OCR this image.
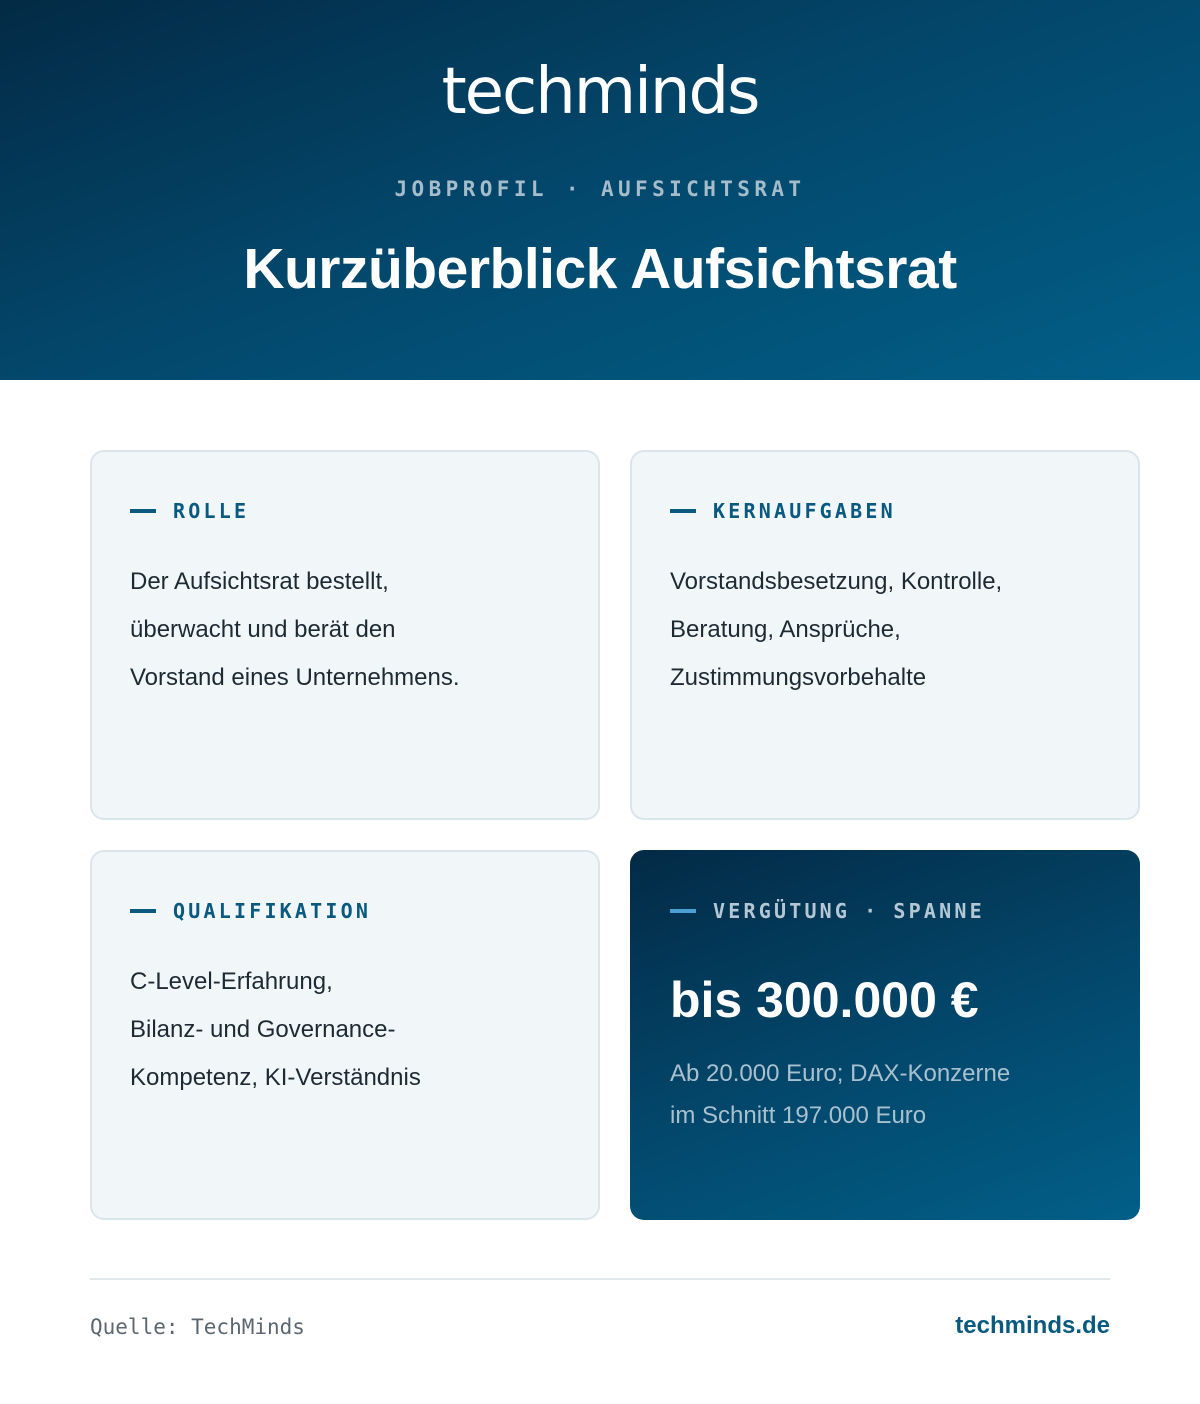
techminds
JOBPROFIL · AUFSICHTSRAT
Kurzüberblick Aufsichtsrat
ROLLE
Der Aufsichtsrat bestellt,
überwacht und berät den
Vorstand eines Unternehmens.
KERNAUFGABEN
Vorstandsbesetzung, Kontrolle,
Beratung, Ansprüche,
Zustimmungsvorbehalte
QUALIFIKATION
C-Level-Erfahrung,
Bilanz- und Governance-
Kompetenz, KI-Verständnis
VERGÜTUNG · SPANNE
bis 300.000 €
Ab 20.000 Euro; DAX-Konzerne
im Schnitt 197.000 Euro
Quelle: TechMinds	techminds.de
